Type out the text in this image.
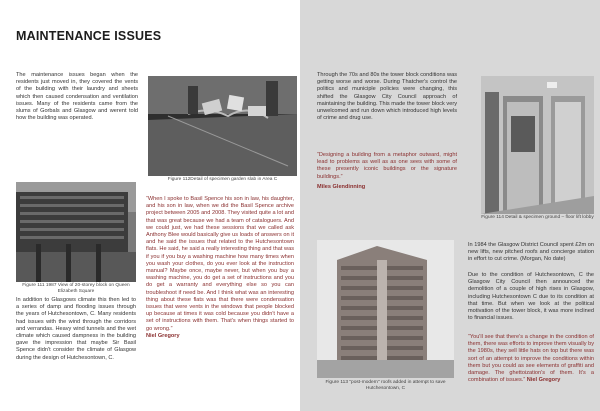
MAINTENANCE ISSUES
The maintenance issues began when the residents just moved in, they covered the vents of the building with their laundry and sheets which then caused condensation and ventilation issues. Many of the residents came from the slums of Gorbals and Glasgow and werent told how the building was operated.
Figure 112Detail of specimen garden slab in Area C
Figure 111 1987 View of 20-storey block on Queen Elizabeth Square
In addition to Glasgows climate this then led to a series of damp and flooding issues through the years of Hutchesontown, C. Many residents had issues with the wind through the corridors and verrandas. Heavy wind tunnels and the wet climate which caused dampness in the building gave the impression that maybe Sir Basil Spence didn't consider the climate of Glasgow during the design of Hutchesontown, C.
“When I spoke to Basil Spence his son in law, his daughter, and his son in law, when we did the Basil Spence archive project between 2005 and 2008. They visited quite a lot and that was great because we had a team of cataloguers. And we could just, we had these sessions that we called ask Anthony Blee would basically give us loads of answers on it and he said the issues that related to the Hutchesontown flats. He said, he said a really interesting thing and that was if you if you buy a washing machine how many times when you wash your clothes, do you ever look at the instruction manual? Maybe once, maybe never, but when you buy a washing machine, you do get a set of instructions and you do get a warranty and everything else so you can troubleshoot if need be. And I think what was an interesting thing about these flats was that there were condensation issues that were vents in the windows that people blocked up because at times it was cold because you didn't have a set of instructions with them. That's when things started to go wrong.”
Niel Gregory
Through the 70s and 80s the tower block conditions was getting worse and worse. During Thatcher's control the politics and municiple policies were changing, this shifted the Glasgow City Council approach of maintaining the building. This made the tower block very unwelcomed and run down which introduced high levels of crime and drug use.
“Designing a building from a metaphor outward, might lead to problems as well as as one sees with some of these presently iconic buildings or the signature buildings.”
Miles Glendinning
Figure 114 Detail & specimen ground – floor lift lobby
Figure 113 "post-modern" roofs added in attempt to save Hutchesontown, C
In 1984 the Glasgow District Council spent £2m on new lifts, new pitched roofs and concierge station in effort to cut crime. (Morgan, No date)
Due to the condition of Hutchesontown, C the Glasgow City Council then announced the demolition of a couple of high rises in Glasgow, including Hutchesontown C due to its condition at that time. But when we look at the political motivation of the tower block, it was more inclined to financial issues.
“You'll see that there's a change in the condition of them, there was efforts to improve them visually by the 1980s, they sell little hats on top but there was sort of an attempt to improve the conditions within them but you could as see elements of graffiti and damage. The ghettoization's of them. It's a combination of issues.” Niel Gregory
